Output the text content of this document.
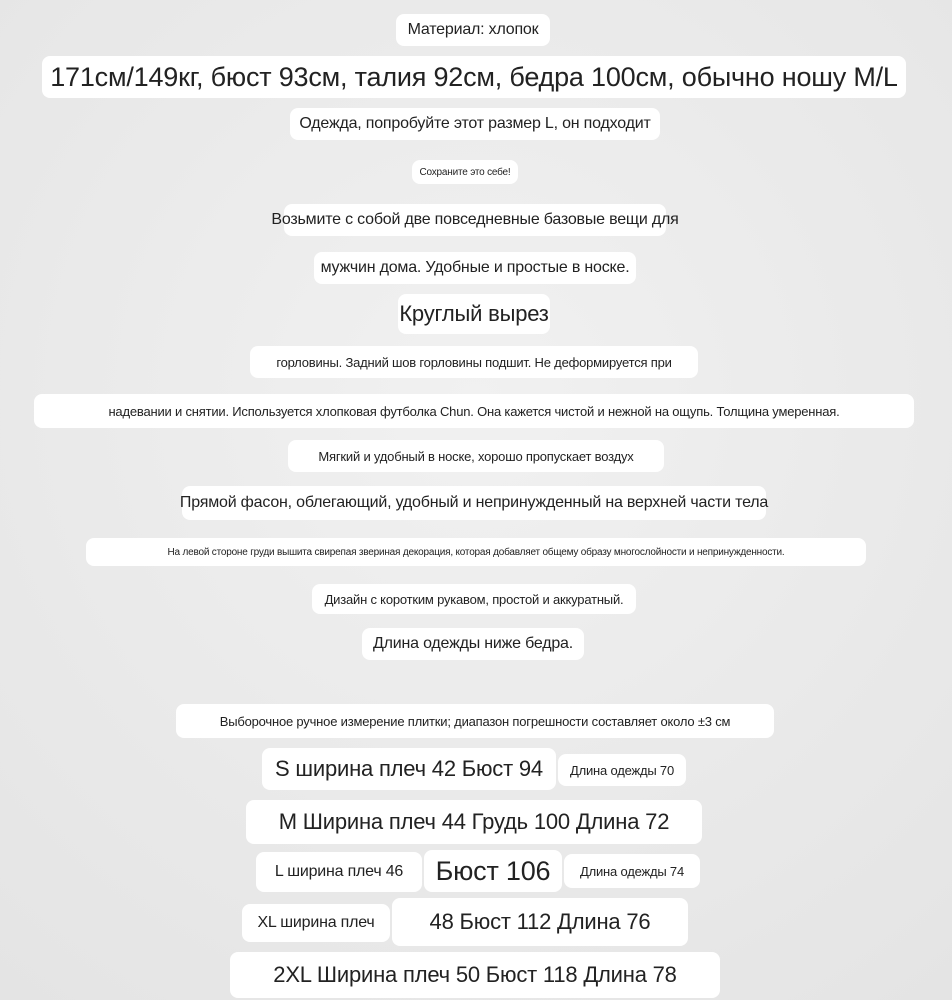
Материал: хлопок
171см/149кг, бюст 93см, талия 92см, бедра 100см, обычно ношу M/L
Одежда, попробуйте этот размер L, он подходит
Сохраните это себе!
Возьмите с собой две повседневные базовые вещи для
мужчин дома. Удобные и простые в носке.
Круглый вырез
горловины. Задний шов горловины подшит. Не деформируется при
надевании и снятии. Используется хлопковая футболка Chun. Она кажется чистой и нежной на ощупь. Толщина умеренная.
Мягкий и удобный в носке, хорошо пропускает воздух
Прямой фасон, облегающий, удобный и непринужденный на верхней части тела
На левой стороне груди вышита свирепая звериная декорация, которая добавляет общему образу многослойности и непринужденности.
Дизайн с коротким рукавом, простой и аккуратный.
Длина одежды ниже бедра.
Выборочное ручное измерение плитки; диапазон погрешности составляет около ±3 см
S ширина плеч 42 Бюст 94	Длина одежды 70
M Ширина плеч 44 Грудь 100 Длина 72
L ширина плеч 46	Бюст 106	Длина одежды 74
XL ширина плеч	48 Бюст 112 Длина 76
2XL Ширина плеч 50 Бюст 118 Длина 78
